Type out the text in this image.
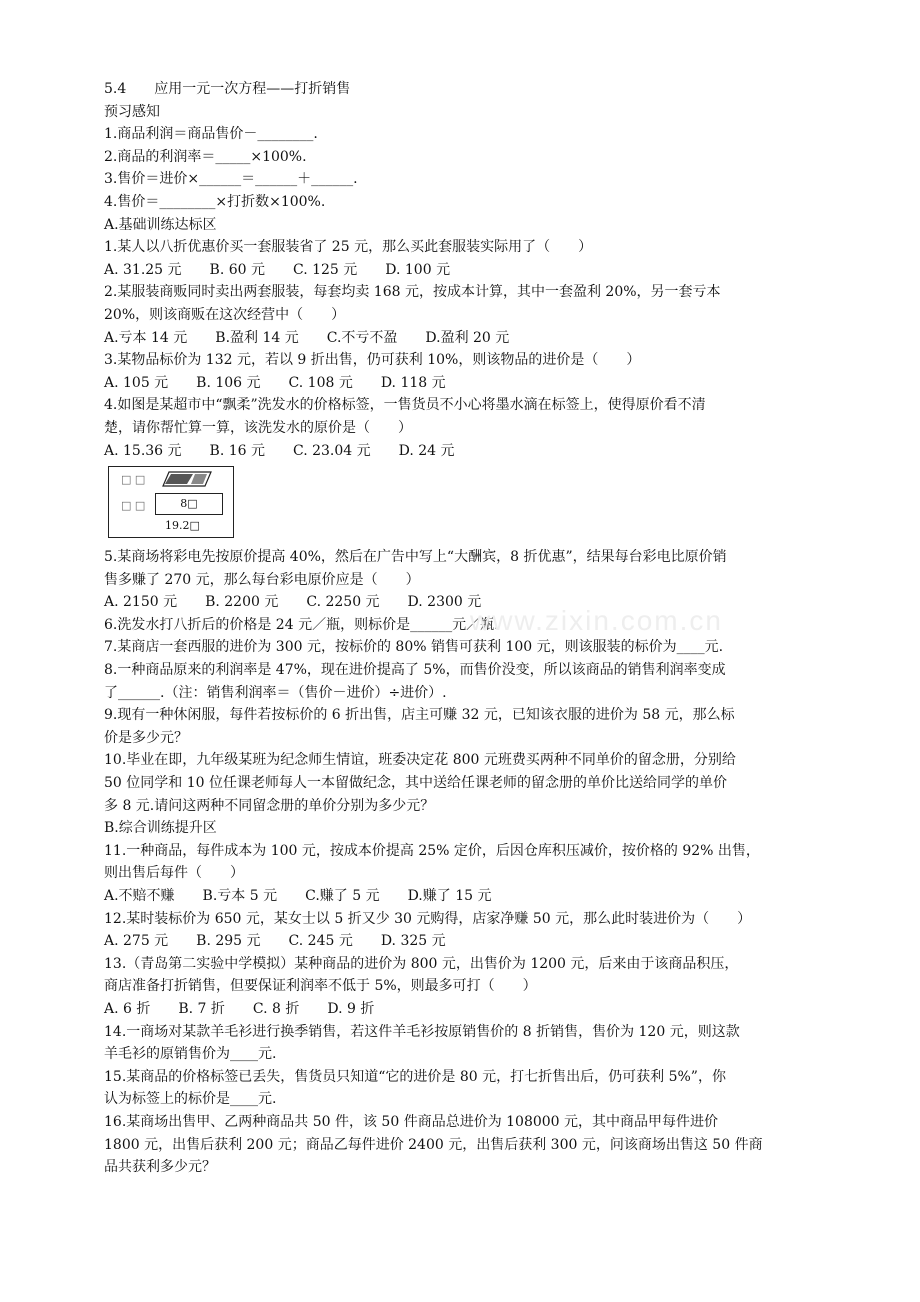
5.4　　应用一元一次方程——打折销售
预习感知
1.商品利润＝商品售价－________.
2.商品的利润率＝_____×100%.
3.售价＝进价×______＝______＋______.
4.售价＝________×打折数×100%.
A.基础训练达标区
1.某人以八折优惠价买一套服装省了 25 元，那么买此套服装实际用了（　　）
A. 31.25 元　　B. 60 元　　C. 125 元　　D. 100 元
2.某服装商贩同时卖出两套服装，每套均卖 168 元，按成本计算，其中一套盈利 20%，另一套亏本
20%，则该商贩在这次经营中（　　）
A.亏本 14 元　　B.盈利 14 元　　C.不亏不盈　　D.盈利 20 元
3.某物品标价为 132 元，若以 9 折出售，仍可获利 10%，则该物品的进价是（　　）
A. 105 元　　B. 106 元　　C. 108 元　　D. 118 元
4.如图是某超市中“飘柔”洗发水的价格标签，一售货员不小心将墨水滴在标签上，使得原价看不清
楚，请你帮忙算一算，该洗发水的原价是（　　）
A. 15.36 元　　B. 16 元　　C. 23.04 元　　D. 24 元
□ □
□ □	8□
19.2□
5.某商场将彩电先按原价提高 40%，然后在广告中写上“大酬宾，8 折优惠”，结果每台彩电比原价销
售多赚了 270 元，那么每台彩电原价应是（　　）
A. 2150 元　　B. 2200 元　　C. 2250 元　　D. 2300 元
6.洗发水打八折后的价格是 24 元／瓶，则标价是______元／瓶.
7.某商店一套西服的进价为 300 元，按标价的 80% 销售可获利 100 元，则该服装的标价为____元.
8.一种商品原来的利润率是 47%，现在进价提高了 5%，而售价没变，所以该商品的销售利润率变成
了______.（注：销售利润率＝（售价－进价）÷进价）.
9.现有一种休闲服，每件若按标价的 6 折出售，店主可赚 32 元，已知该衣服的进价为 58 元，那么标
价是多少元？
10.毕业在即，九年级某班为纪念师生情谊，班委决定花 800 元班费买两种不同单价的留念册，分别给
50 位同学和 10 位任课老师每人一本留做纪念，其中送给任课老师的留念册的单价比送给同学的单价
多 8 元.请问这两种不同留念册的单价分别为多少元？
B.综合训练提升区
11.一种商品，每件成本为 100 元，按成本价提高 25% 定价，后因仓库积压减价，按价格的 92% 出售，
则出售后每件（　　）
A.不赔不赚　　B.亏本 5 元　　C.赚了 5 元　　D.赚了 15 元
12.某时装标价为 650 元，某女士以 5 折又少 30 元购得，店家净赚 50 元，那么此时装进价为（　　）
A. 275 元　　B. 295 元　　C. 245 元　　D. 325 元
13.（青岛第二实验中学模拟）某种商品的进价为 800 元，出售价为 1200 元，后来由于该商品积压，
商店准备打折销售，但要保证利润率不低于 5%，则最多可打（　　）
A. 6 折　　B. 7 折　　C. 8 折　　D. 9 折
14.一商场对某款羊毛衫进行换季销售，若这件羊毛衫按原销售价的 8 折销售，售价为 120 元，则这款
羊毛衫的原销售价为____元.
15.某商品的价格标签已丢失，售货员只知道“它的进价是 80 元，打七折售出后，仍可获利 5%”，你
认为标签上的标价是____元.
16.某商场出售甲、乙两种商品共 50 件，该 50 件商品总进价为 108000 元，其中商品甲每件进价
1800 元，出售后获利 200 元；商品乙每件进价 2400 元，出售后获利 300 元，问该商场出售这 50 件商
品共获利多少元？
www.zixin.com.cn
